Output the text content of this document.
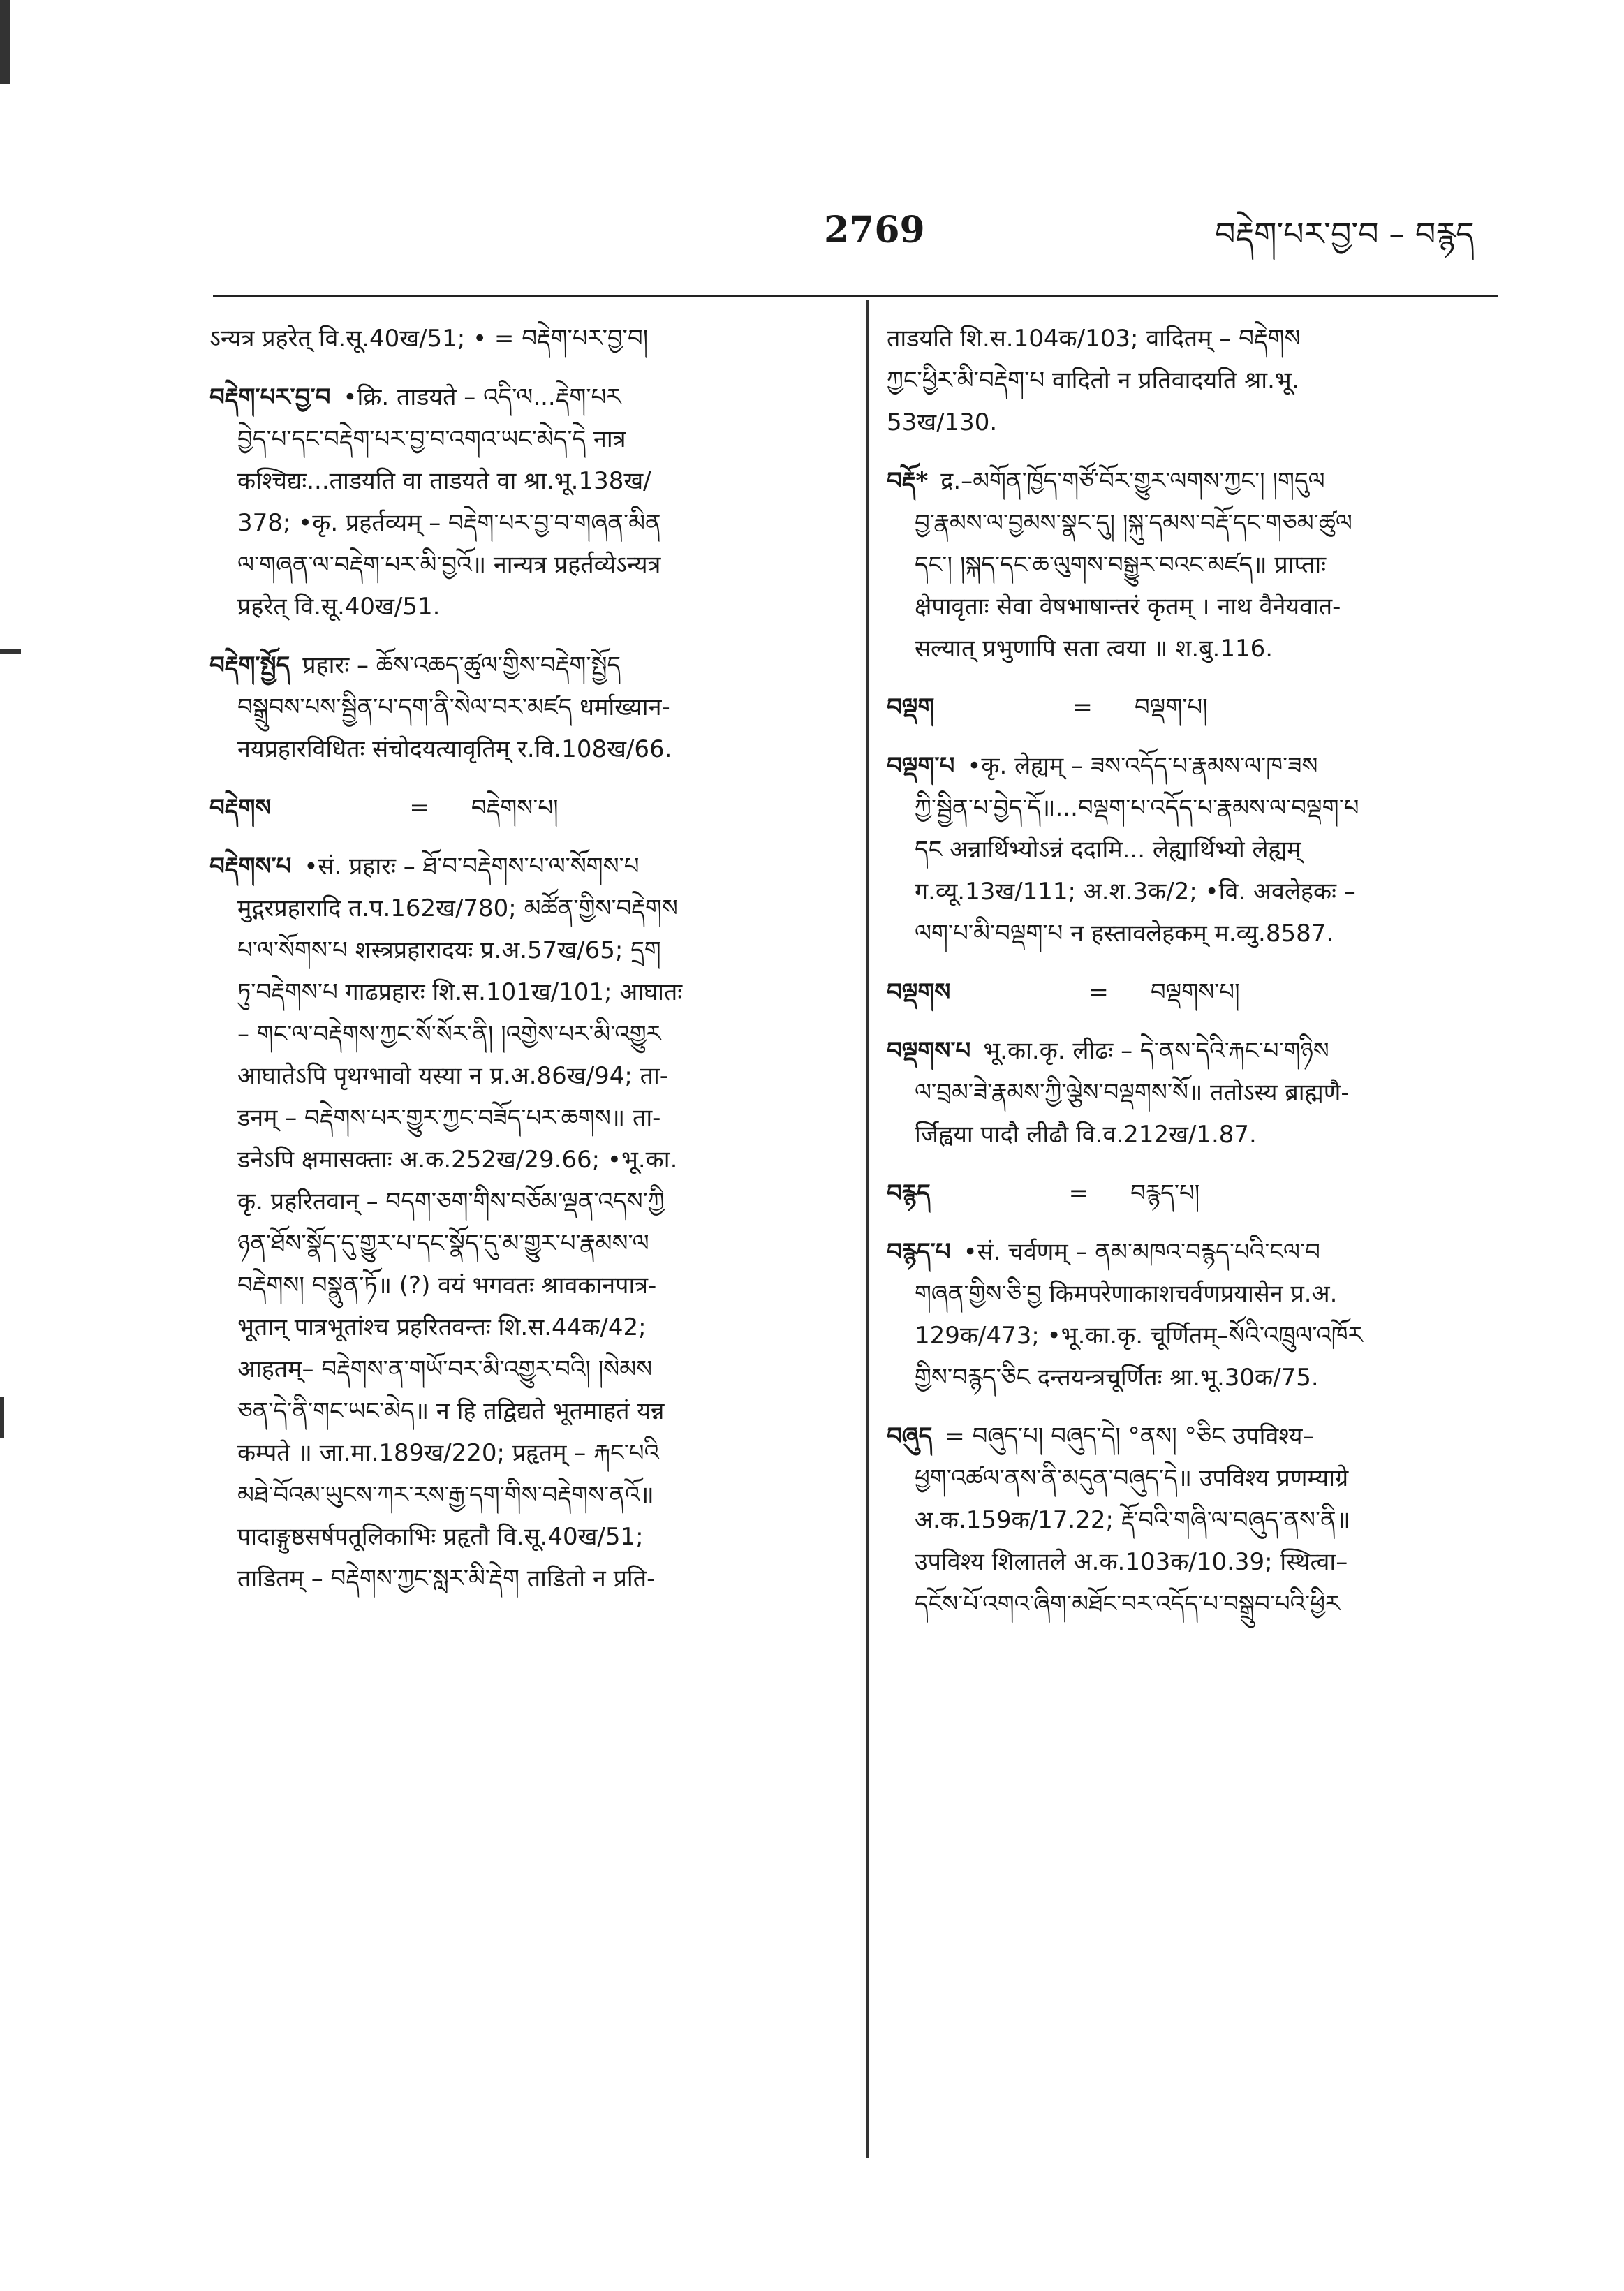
2769	བརྡེག་པར་བྱ་བ – བརྙད
ऽन्यत्र प्रहरेत् वि.सू.40ख/51; • = བརྡེག་པར་བྱ་བ།
བརྡེག་པར་བྱ་བ •क्रि. ताडयते – འདི་ལ...རྡེག་པར
བྱེད་པ་དང་བརྡེག་པར་བྱ་བ་འགའ་ཡང་མེད་དེ नात्र
कश्चिद्यः...ताडयति वा ताडयते वा श्रा.भू.138ख/
378; •कृ. प्रहर्तव्यम् – བརྡེག་པར་བྱ་བ་གཞན་མིན
ལ་གཞན་ལ་བརྡེག་པར་མི་བྱའོ॥ नान्यत्र प्रहर्तव्येऽन्यत्र
प्रहरेत् वि.सू.40ख/51.
བརྡེག་སྤྱོད प्रहारः – ཆོས་འཆད་ཚུལ་གྱིས་བརྡེག་སྤྱོད
བསྒྲུབས་པས་སྦྱིན་པ་དག་ནི་སེལ་བར་མཛད धर्माख्यान-
नयप्रहारविधितः संचोदयत्यावृतिम् र.वि.108ख/66.
བརྡེགས	= བརྡེགས་པ།
བརྡེགས་པ •सं. प्रहारः – ཐོ་བ་བརྡེགས་པ་ལ་སོགས་པ
मुद्गरप्रहारादि त.प.162ख/780; མཚོན་གྱིས་བརྡེགས
པ་ལ་སོགས་པ शस्त्रप्रहारादयः प्र.अ.57ख/65; དྲག
ཏུ་བརྡེགས་པ गाढप्रहारः शि.स.101ख/101; आघातः
– གང་ལ་བརྡེགས་ཀྱང་སོ་སོར་ནི། །འགྱེས་པར་མི་འགྱུར
आघातेऽपि पृथग्भावो यस्या न प्र.अ.86ख/94; ता-
डनम् – བརྡེགས་པར་གྱུར་ཀྱང་བཟོད་པར་ཆགས॥ ता-
डनेऽपि क्षमासक्ताः अ.क.252ख/29.66; •भू.का.
कृ. प्रहरितवान् – བདག་ཅག་གིས་བཅོམ་ལྡན་འདས་ཀྱི
ཉན་ཐོས་སྣོད་དུ་གྱུར་པ་དང་སྣོད་དུ་མ་གྱུར་པ་རྣམས་ལ
བརྡེགས། བསྣུན་ཏོ॥ (?) वयं भगवतः श्रावकानपात्र-
भूतान् पात्रभूतांश्च प्रहरितवन्तः शि.स.44क/42;
आहतम्– བརྡེགས་ན་གཡོ་བར་མི་འགྱུར་བའི། །སེམས
ཅན་དེ་ནི་གང་ཡང་མེད॥ न हि तद्विद्यते भूतमाहतं यन्न
कम्पते ॥ जा.मा.189ख/220; प्रहृतम् – རྐང་པའི
མཐེ་བོའམ་ཡུངས་ཀར་རས་རྒྱ་དག་གིས་བརྡེགས་ནའོ॥
पादाङ्गुष्ठसर्षपतूलिकाभिः प्रहृतौ वि.सू.40ख/51;
ताडितम् – བརྡེགས་ཀྱང་སླར་མི་རྡེག ताडितो न प्रति-
ताडयति शि.स.104क/103; वादितम् – བརྡེགས
ཀྱང་ཕྱིར་མི་བརྡེག་པ वादितो न प्रतिवादयति श्रा.भू.
53ख/130.
བརྡོ* द्र.–མགོན་ཁྱོད་གཙོ་བོར་གྱུར་ལགས་ཀྱང་། །གདུལ
བྱ་རྣམས་ལ་བྱམས་སྣང་དུ། །སྐུ་དམས་བརྡོ་དང་གཅམ་ཚུལ
དང་། །སྐད་དང་ཆ་ལུགས་བསྒྱུར་བའང་མཛད॥ प्राप्ताः
क्षेपावृताः सेवा वेषभाषान्तरं कृतम् । नाथ वैनेयवात-
सल्यात् प्रभुणापि सता त्वया ॥ श.बु.116.
བལྡག	= བལྡག་པ།
བལྡག་པ •कृ. लेह्यम् – ཟས་འདོད་པ་རྣམས་ལ་ཁ་ཟས
ཀྱི་སྦྱིན་པ་བྱེད་དོ॥...བལྡག་པ་འདོད་པ་རྣམས་ལ་བལྡག་པ
དང अन्नार्थिभ्योऽन्नं ददामि... लेह्यार्थिभ्यो लेह्यम्
ग.व्यू.13ख/111; अ.श.3क/2; •वि. अवलेहकः –
ལག་པ་མི་བལྡག་པ न हस्तावलेहकम् म.व्यु.8587.
བལྡགས	= བལྡགས་པ།
བལྡགས་པ भू.का.कृ. लीढः – དེ་ནས་དེའི་རྐང་པ་གཉིས
ལ་བྲམ་ཟེ་རྣམས་ཀྱི་ལྕེས་བལྡགས་སོ॥ ततोऽस्य ब्राह्मणै-
र्जिह्वया पादौ लीढौ वि.व.212ख/1.87.
བརྙད	= བརྙད་པ།
བརྙད་པ •सं. चर्वणम् – ནམ་མཁའ་བརྙད་པའི་ངལ་བ
གཞན་གྱིས་ཅི་བྱ किमपरेणाकाशचर्वणप्रयासेन प्र.अ.
129क/473; •भू.का.कृ. चूर्णितम्–སོའི་འཁྲུལ་འཁོར
གྱིས་བརྙད་ཅིང दन्तयन्त्रचूर्णितः श्रा.भू.30क/75.
བཞུད = བཞུད་པ། བཞུད་དེ། °ནས། °ཅིང उपविश्य–
ཕྱག་འཚལ་ནས་ནི་མདུན་བཞུད་དེ॥ उपविश्य प्रणम्याग्रे
अ.क.159क/17.22; རྡོ་བའི་གཞི་ལ་བཞུད་ནས་ནི॥
उपविश्य शिलातले अ.क.103क/10.39; स्थित्वा–
དངོས་པོ་འགའ་ཞིག་མཐོང་བར་འདོད་པ་བསྒྲུབ་པའི་ཕྱིར
